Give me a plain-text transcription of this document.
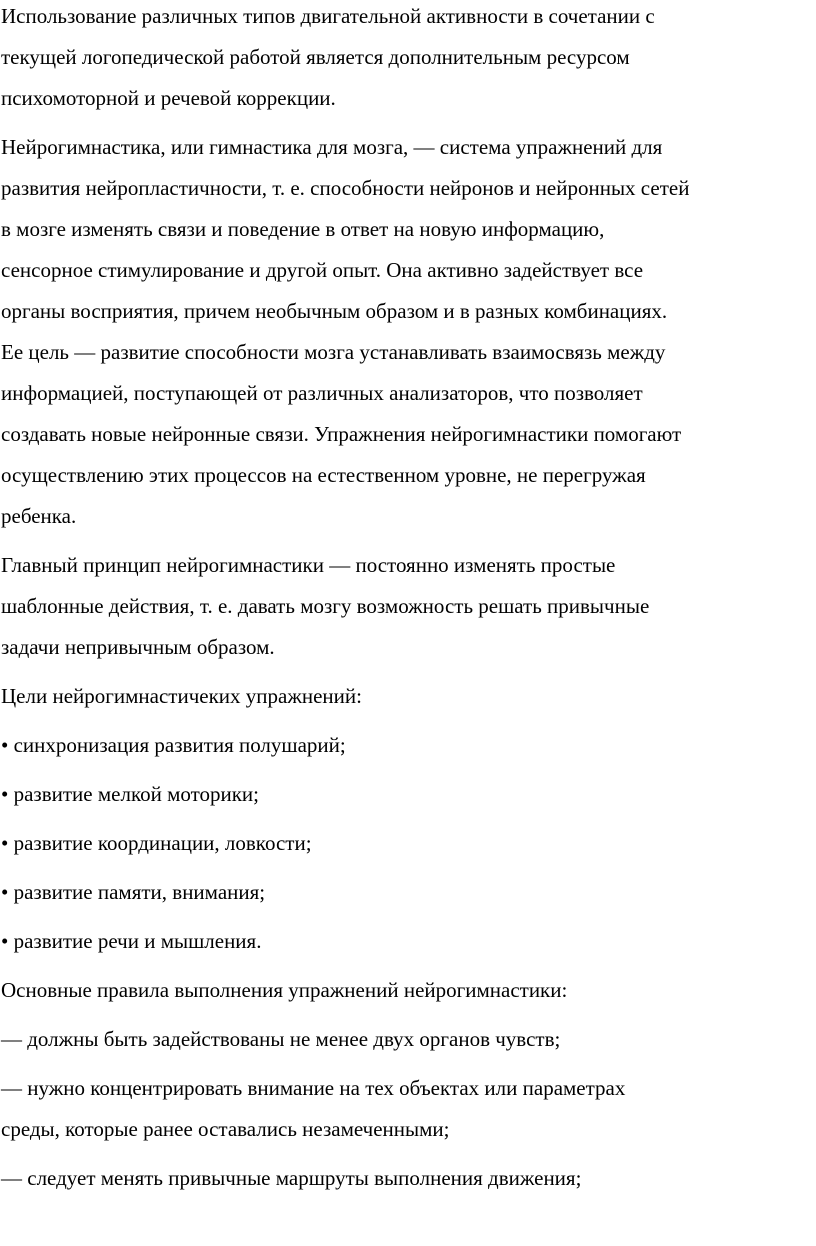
Использование различных типов двигательной активности в сочетании с
текущей логопедической работой является дополнительным ресурсом
психомоторной и речевой коррекции.

Нейрогимнастика, или гимнастика для мозга, — система упражнений для
развития нейропластичности, т. е. способности нейронов и нейронных сетей
в мозге изменять связи и поведение в ответ на новую информацию,
сенсорное стимулирование и другой опыт. Она активно задействует все
органы восприятия, причем необычным образом и в разных комбинациях.
Ее цель — развитие способности мозга устанавливать взаимосвязь между
информацией, поступающей от различных анализаторов, что позволяет
создавать новые нейронные связи. Упражнения нейрогимнастики помогают
осуществлению этих процессов на естественном уровне, не перегружая
ребенка.

Главный принцип нейрогимнастики — постоянно изменять простые
шаблонные действия, т. е. давать мозгу возможность решать привычные
задачи непривычным образом.

Цели нейрогимнастичеких упражнений:

• синхронизация развития полушарий;

• развитие мелкой моторики;

• развитие координации, ловкости;

• развитие памяти, внимания;

• развитие речи и мышления.

Основные правила выполнения упражнений нейрогимнастики:

— должны быть задействованы не менее двух органов чувств;

— нужно концентрировать внимание на тех объектах или параметрах
среды, которые ранее оставались незамеченными;

— следует менять привычные маршруты выполнения движения;
